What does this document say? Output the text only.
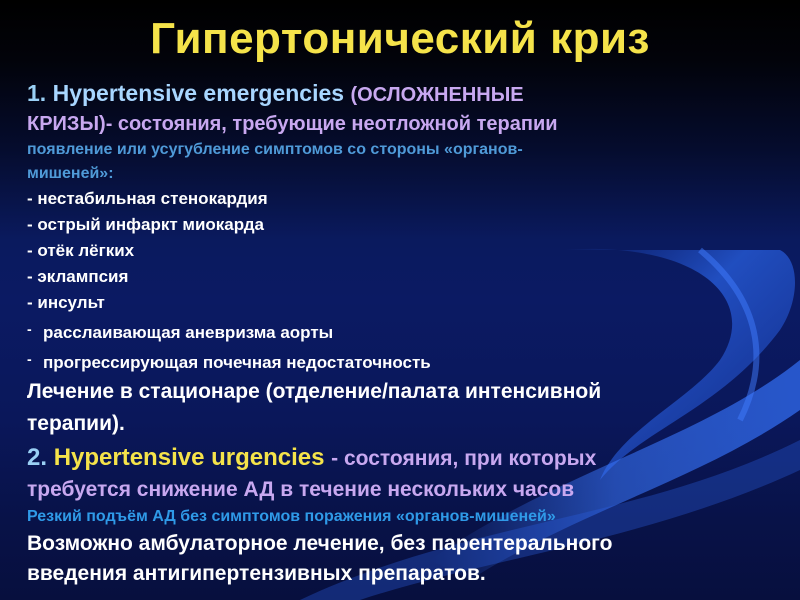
Гипертонический криз
1. Hypertensive emergencies (ОСЛОЖНЕННЫЕ
КРИЗЫ)- состояния, требующие неотложной терапии
появление или усугубление симптомов со стороны «органов-
мишеней»:
- нестабильная стенокардия
- острый инфаркт миокарда
- отёк лёгких
- эклампсия
- инсульт
- расслаивающая аневризма аорты
- прогрессирующая почечная недостаточность
Лечение в стационаре (отделение/палата интенсивной
терапии).
2. Hypertensive urgencies - состояния, при которых
требуется снижение АД в течение нескольких часов
Резкий подъём АД без симптомов поражения «органов-мишеней»
Возможно амбулаторное лечение, без парентерального
введения антигипертензивных препаратов.
